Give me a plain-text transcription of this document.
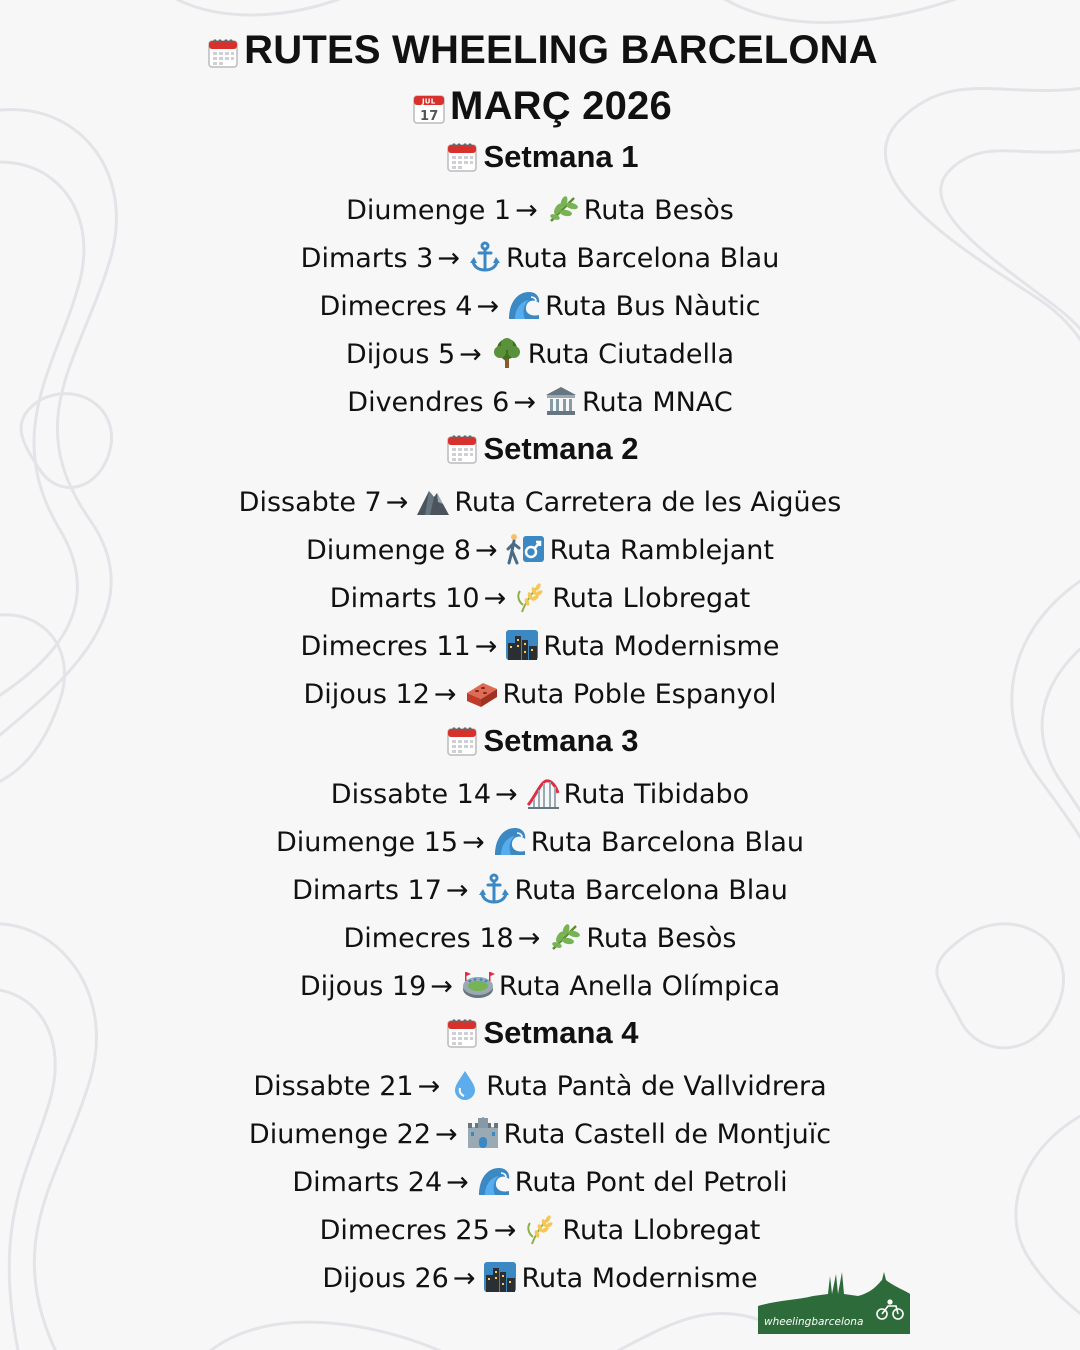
RUTES WHEELING BARCELONA
JUL
17 MARÇ 2026
Setmana 1
Diumenge 1 → Ruta Besòs
Dimarts 3 → Ruta Barcelona Blau
Dimecres 4 → Ruta Bus Nàutic
Dijous 5 → Ruta Ciutadella
Divendres 6 → Ruta MNAC
Setmana 2
Dissabte 7 → Ruta Carretera de les Aigües
Diumenge 8 → Ruta Ramblejant
Dimarts 10 → Ruta Llobregat
Dimecres 11 → Ruta Modernisme
Dijous 12 → Ruta Poble Espanyol
Setmana 3
Dissabte 14 → Ruta Tibidabo
Diumenge 15 → Ruta Barcelona Blau
Dimarts 17 → Ruta Barcelona Blau
Dimecres 18 → Ruta Besòs
Dijous 19 → Ruta Anella Olímpica
Setmana 4
Dissabte 21 → Ruta Pantà de Vallvidrera
Diumenge 22 → Ruta Castell de Montjuïc
Dimarts 24 → Ruta Pont del Petroli
Dimecres 25 → Ruta Llobregat
Dijous 26 → Ruta Modernisme
wheelingbarcelona
